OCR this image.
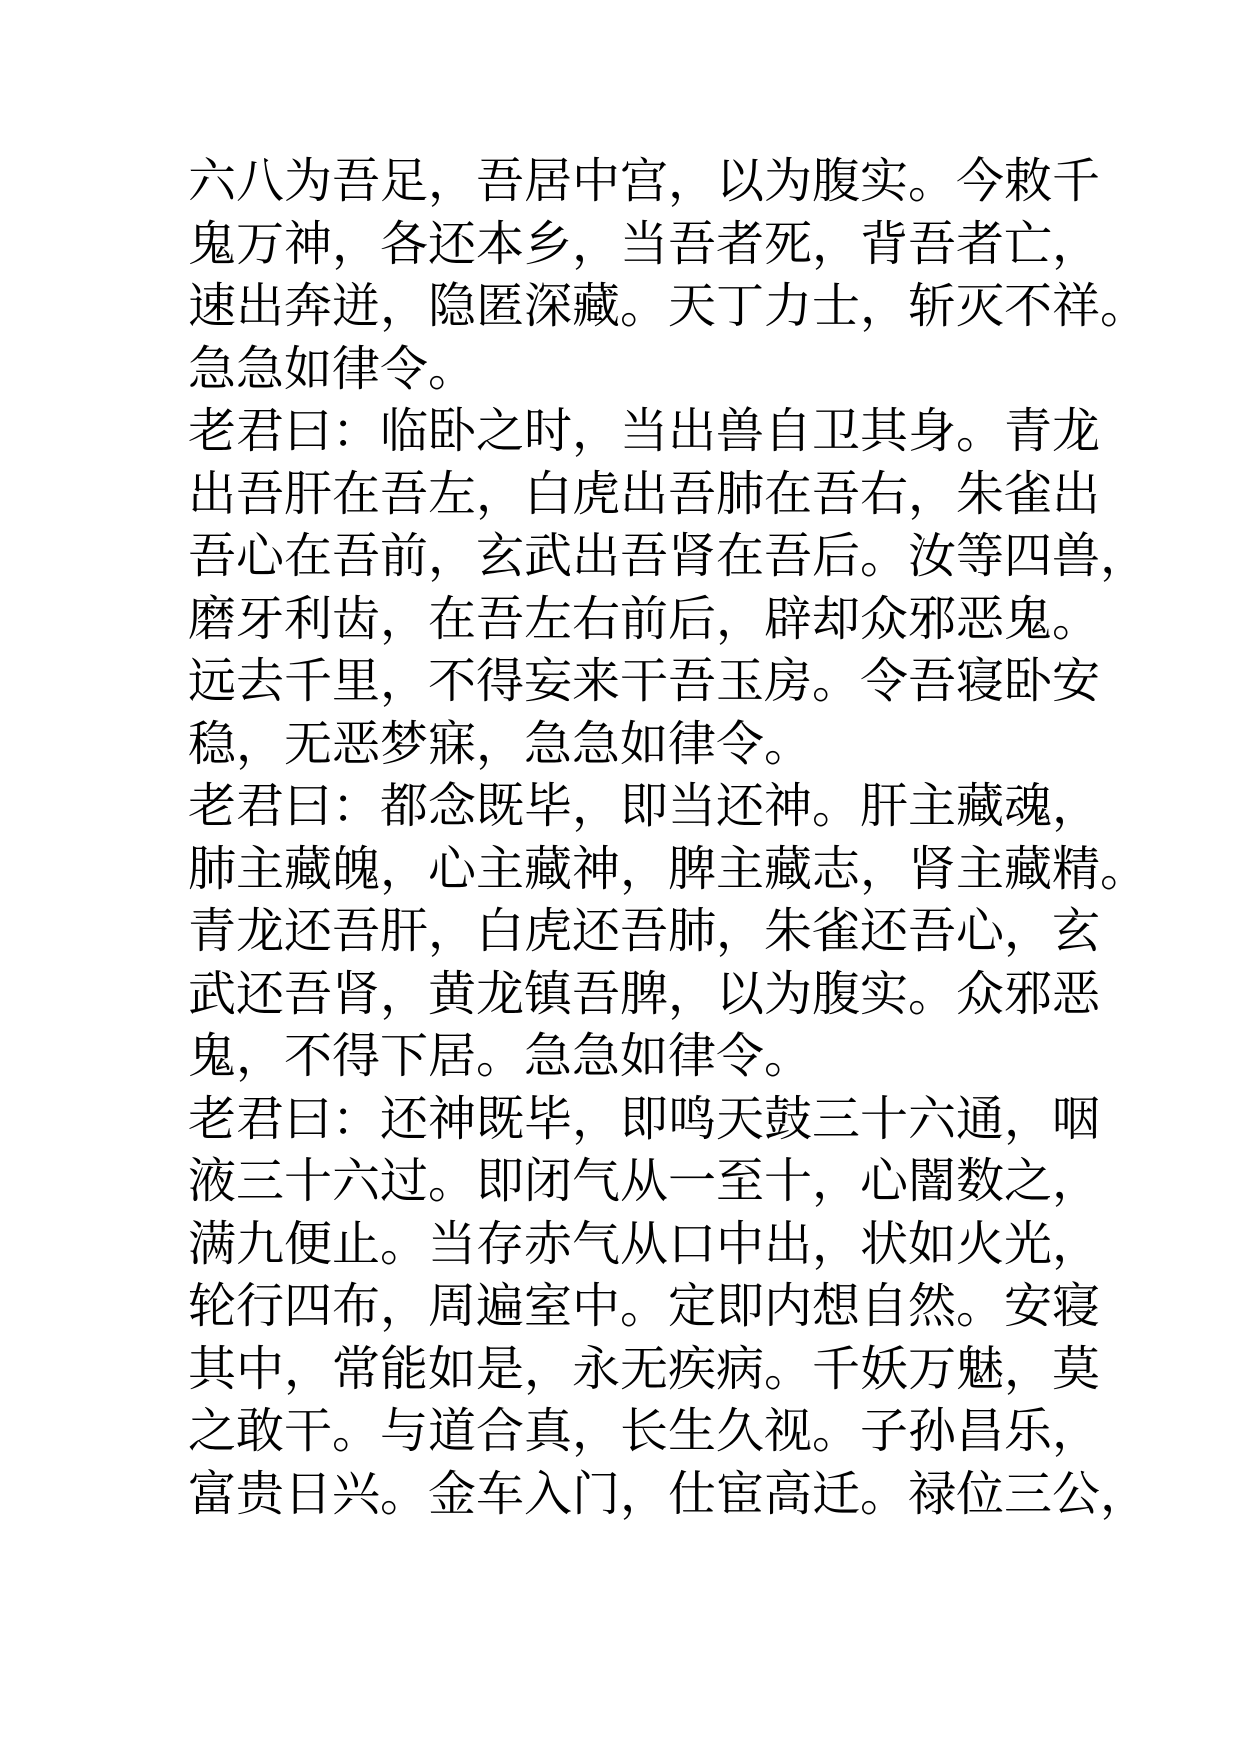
六八为吾足，吾居中宫，以为腹实。今敕千
鬼万神，各还本乡，当吾者死，背吾者亡，
速出奔迸，隐匿深藏。天丁力士，斩灭不祥。
急急如律令。
老君曰：临卧之时，当出兽自卫其身。青龙
出吾肝在吾左，白虎出吾肺在吾右，朱雀出
吾心在吾前，玄武出吾肾在吾后。汝等四兽，
磨牙利齿，在吾左右前后，辟却众邪恶鬼。
远去千里，不得妄来干吾玉房。令吾寝卧安
稳，无恶梦寐，急急如律令。
老君曰：都念既毕，即当还神。肝主藏魂，
肺主藏魄，心主藏神，脾主藏志，肾主藏精。
青龙还吾肝，白虎还吾肺，朱雀还吾心，玄
武还吾肾，黄龙镇吾脾，以为腹实。众邪恶
鬼，不得下居。急急如律令。
老君曰：还神既毕，即鸣天鼓三十六通，咽
液三十六过。即闭气从一至十，心闇数之，
满九便止。当存赤气从口中出，状如火光，
轮行四布，周遍室中。定即内想自然。安寝
其中，常能如是，永无疾病。千妖万魅，莫
之敢干。与道合真，长生久视。子孙昌乐，
富贵日兴。金车入门，仕宦高迁。禄位三公，
